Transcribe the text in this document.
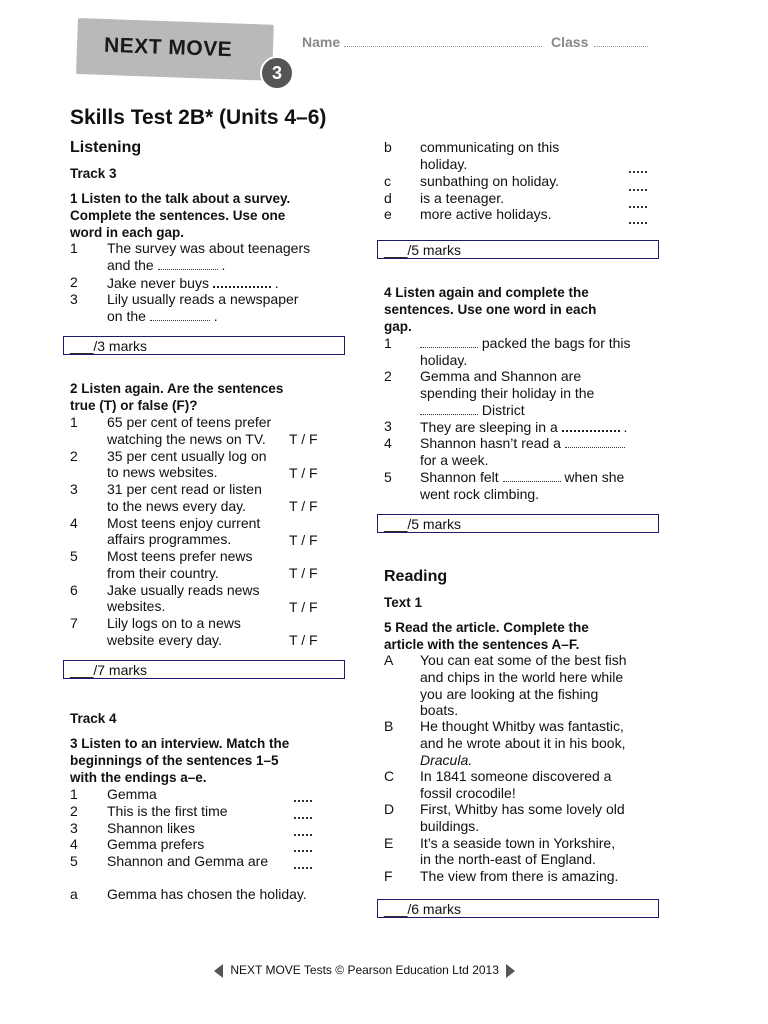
NEXT MOVE
3
Name	Class
Skills Test 2B* (Units 4–6)
Listening
Track 3
1 Listen to the talk about a survey.
Complete the sentences. Use one
word in each gap.
1 The survey was about teenagers
and the	.
2 Jake never buys	.
3 Lily usually reads a newspaper
on the	.
___/3 marks
2 Listen again. Are the sentences
true (T) or false (F)?
1 65 per cent of teens prefer
watching the news on TV.	T / F
2 35 per cent usually log on
to news websites.	T / F
3 31 per cent read or listen
to the news every day.	T / F
4 Most teens enjoy current
affairs programmes.	T / F
5 Most teens prefer news
from their country.	T / F
6 Jake usually reads news
websites.	T / F
7 Lily logs on to a news
website every day.	T / F
___/7 marks
Track 4
3 Listen to an interview. Match the
beginnings of the sentences 1–5
with the endings a–e.
1 Gemma
2 This is the first time
3 Shannon likes
4 Gemma prefers
5 Shannon and Gemma are
a Gemma has chosen the holiday.
b communicating on this
holiday.
c sunbathing on holiday.
d is a teenager.
e more active holidays.
___/5 marks
4 Listen again and complete the
sentences. Use one word in each
gap.
1	packed the bags for this
holiday.
2 Gemma and Shannon are
spending their holiday in the
District
3 They are sleeping in a	.
4 Shannon hasn’t read a
for a week.
5 Shannon felt	when she
went rock climbing.
___/5 marks
Reading
Text 1
5 Read the article. Complete the
article with the sentences A–F.
A You can eat some of the best fish
and chips in the world here while
you are looking at the fishing
boats.
B He thought Whitby was fantastic,
and he wrote about it in his book,
Dracula.
C In 1841 someone discovered a
fossil crocodile!
D First, Whitby has some lovely old
buildings.
E It’s a seaside town in Yorkshire,
in the north-east of England.
F The view from there is amazing.
___/6 marks
NEXT MOVE Tests © Pearson Education Ltd 2013
